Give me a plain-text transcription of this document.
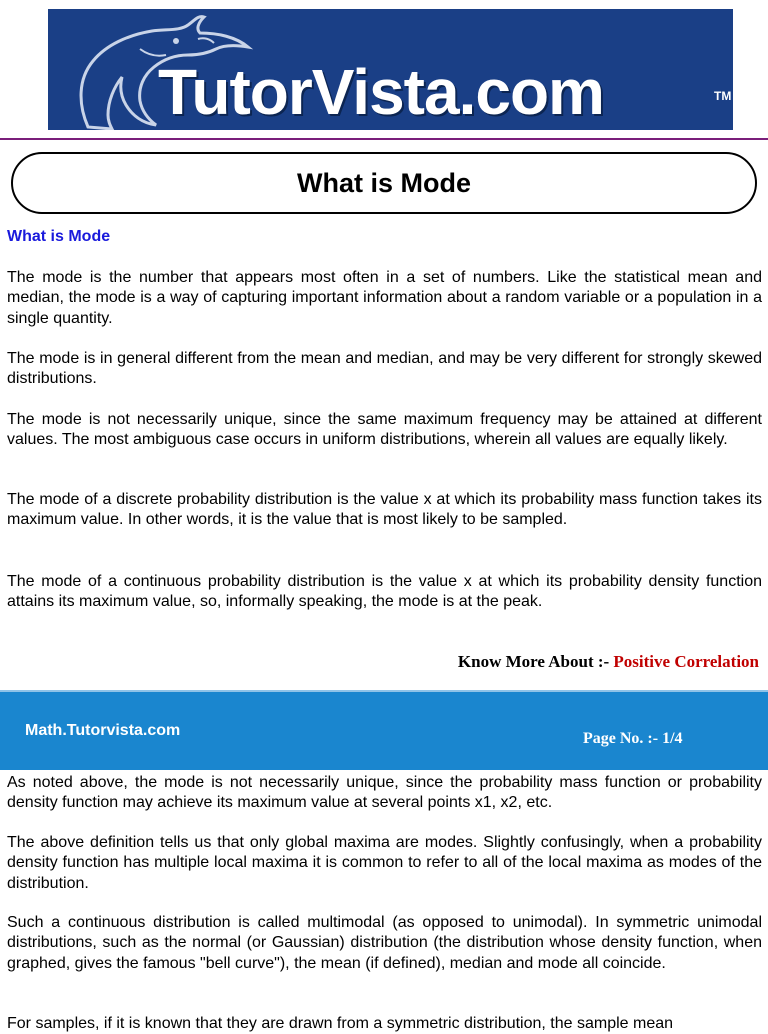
TutorVista.com	TM
What is Mode
What is Mode

The mode is the number that appears most often in a set of numbers. Like the statistical mean and median, the mode is a way of capturing important information about a random variable or a population in a single quantity.

The mode is in general different from the mean and median, and may be very different for strongly skewed distributions.

The mode is not necessarily unique, since the same maximum frequency may be attained at different values. The most ambiguous case occurs in uniform distributions, wherein all values are equally likely.

The mode of a discrete probability distribution is the value x at which its probability mass function takes its maximum value. In other words, it is the value that is most likely to be sampled.

The mode of a continuous probability distribution is the value x at which its probability density function attains its maximum value, so, informally speaking, the mode is at the peak.

Know More About :- Positive Correlation
Math.Tutorvista.com	Page No. :- 1/4

As noted above, the mode is not necessarily unique, since the probability mass function or probability density function may achieve its maximum value at several points x1, x2, etc.

The above definition tells us that only global maxima are modes. Slightly confusingly, when a probability density function has multiple local maxima it is common to refer to all of the local maxima as modes of the distribution.

Such a continuous distribution is called multimodal (as opposed to unimodal). In symmetric unimodal distributions, such as the normal (or Gaussian) distribution (the distribution whose density function, when graphed, gives the famous "bell curve"), the mean (if defined), median and mode all coincide.

For samples, if it is known that they are drawn from a symmetric distribution, the sample mean
